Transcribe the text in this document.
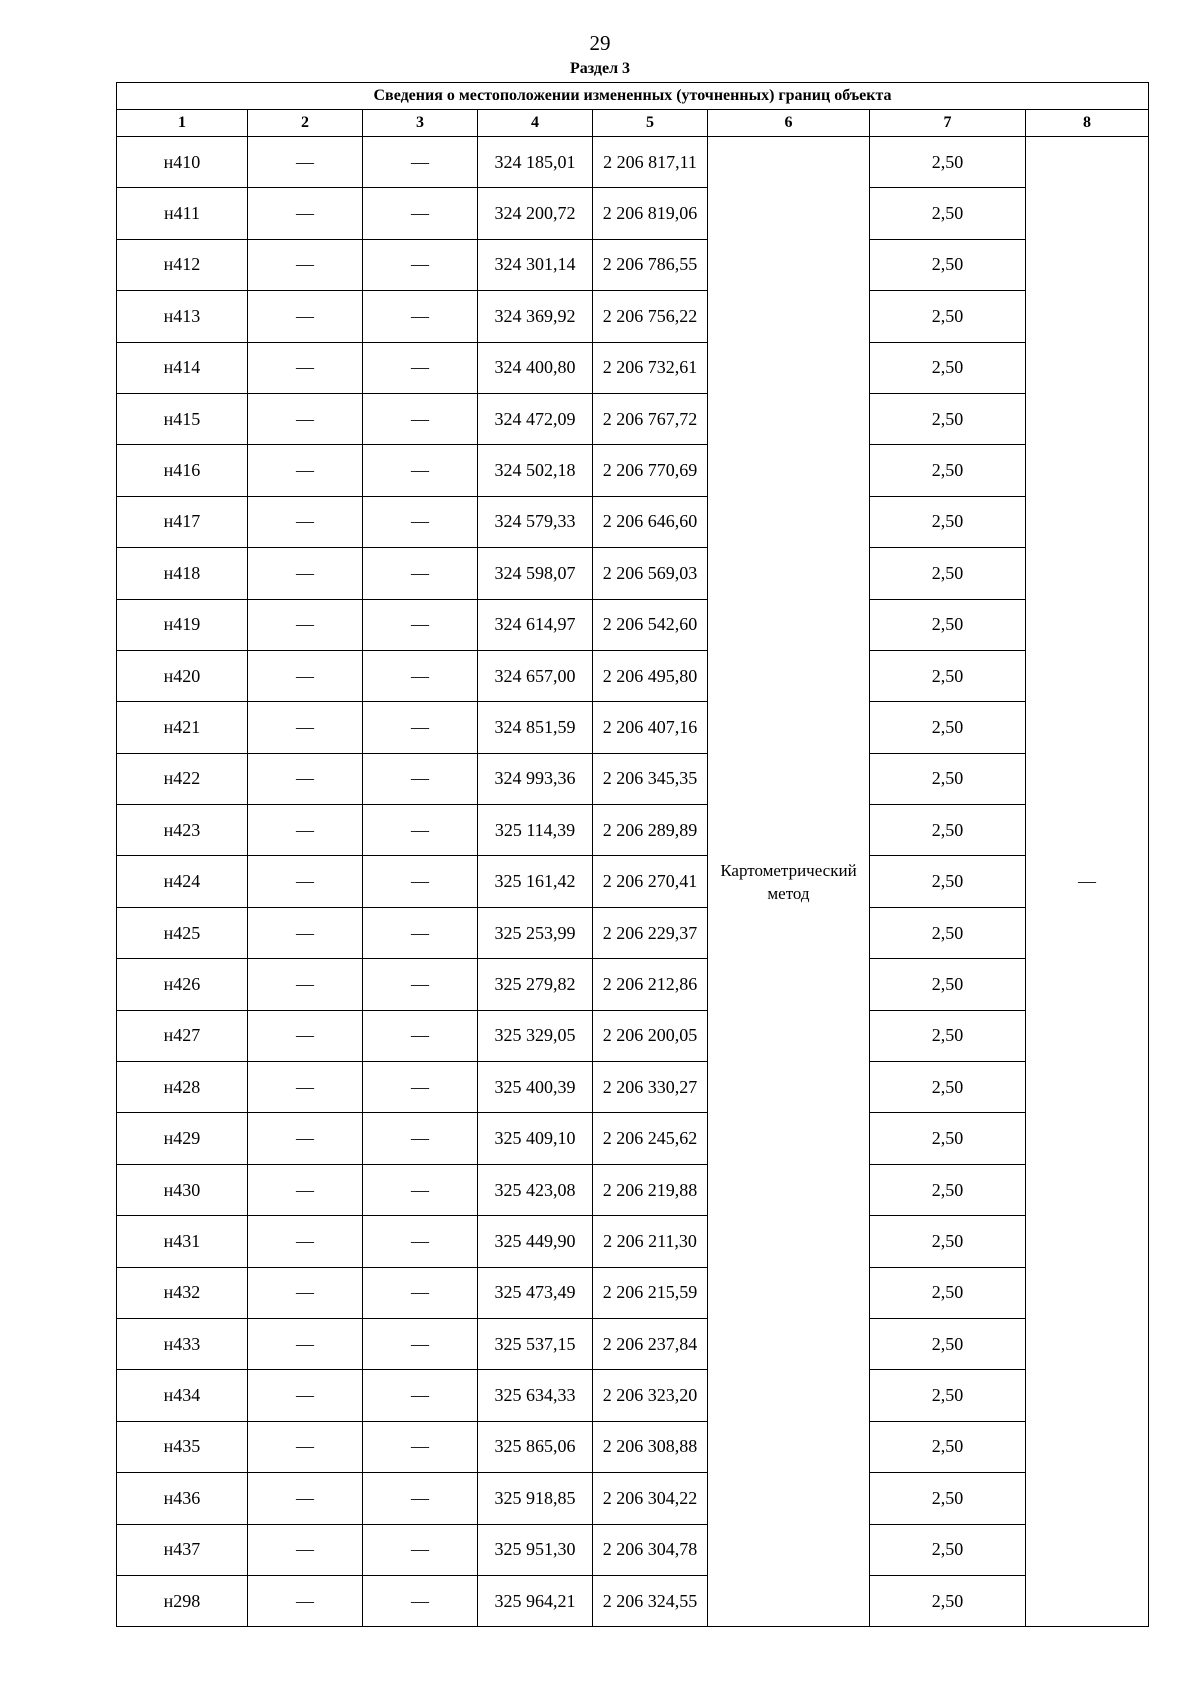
29
Раздел 3
Сведения о местоположении измененных (уточненных) границ объекта							
1	2	3	4	5	6	7	8
н410	—	—	324 185,01	2 206 817,11	Картометрический метод	2,50	—
н411	—	—	324 200,72	2 206 819,06		2,50	
н412	—	—	324 301,14	2 206 786,55		2,50	
н413	—	—	324 369,92	2 206 756,22		2,50	
н414	—	—	324 400,80	2 206 732,61		2,50	
н415	—	—	324 472,09	2 206 767,72		2,50	
н416	—	—	324 502,18	2 206 770,69		2,50	
н417	—	—	324 579,33	2 206 646,60		2,50	
н418	—	—	324 598,07	2 206 569,03		2,50	
н419	—	—	324 614,97	2 206 542,60		2,50	
н420	—	—	324 657,00	2 206 495,80		2,50	
н421	—	—	324 851,59	2 206 407,16		2,50	
н422	—	—	324 993,36	2 206 345,35		2,50	
н423	—	—	325 114,39	2 206 289,89		2,50	
н424	—	—	325 161,42	2 206 270,41		2,50	
н425	—	—	325 253,99	2 206 229,37		2,50	
н426	—	—	325 279,82	2 206 212,86		2,50	
н427	—	—	325 329,05	2 206 200,05		2,50	
н428	—	—	325 400,39	2 206 330,27		2,50	
н429	—	—	325 409,10	2 206 245,62		2,50	
н430	—	—	325 423,08	2 206 219,88		2,50	
н431	—	—	325 449,90	2 206 211,30		2,50	
н432	—	—	325 473,49	2 206 215,59		2,50	
н433	—	—	325 537,15	2 206 237,84		2,50	
н434	—	—	325 634,33	2 206 323,20		2,50	
н435	—	—	325 865,06	2 206 308,88		2,50	
н436	—	—	325 918,85	2 206 304,22		2,50	
н437	—	—	325 951,30	2 206 304,78		2,50	
н298	—	—	325 964,21	2 206 324,55		2,50	
